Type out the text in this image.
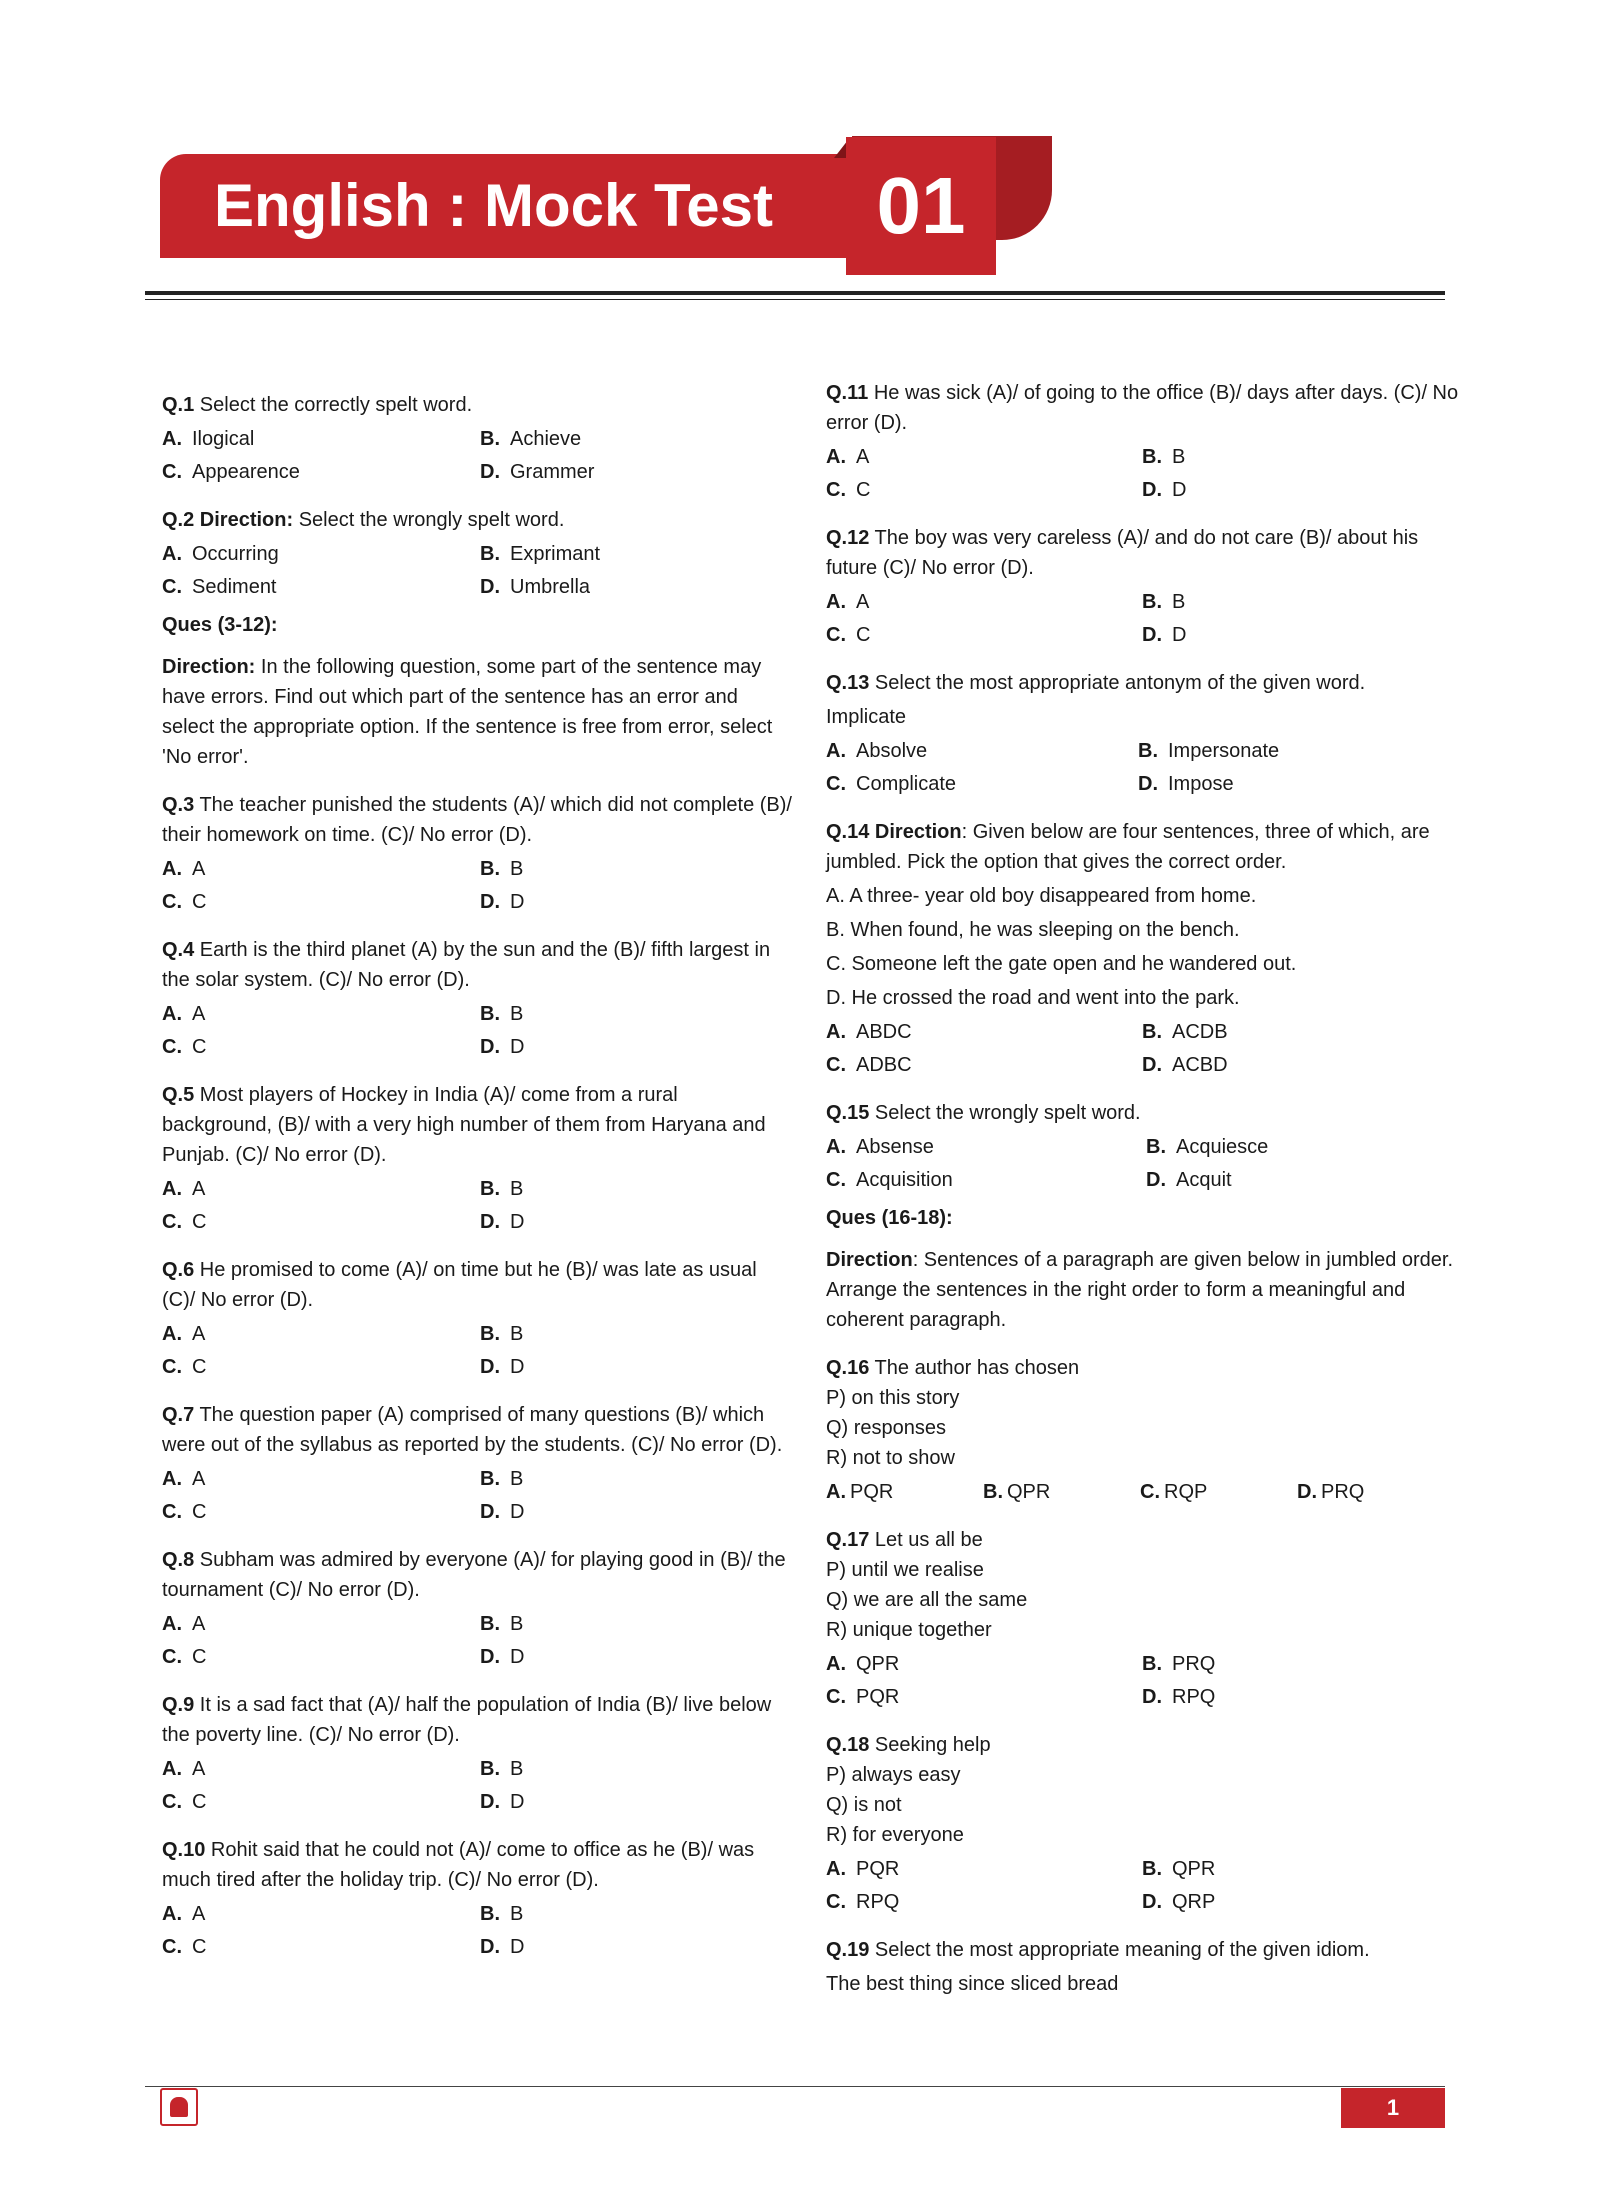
English : Mock Test	01

Q.1 Select the correctly spelt word.

A. Ilogical	B. Achieve
C. Appearence	D. Grammer

Q.2 Direction: Select the wrongly spelt word.

A. Occurring	B. Exprimant
C. Sediment	D. Umbrella

Ques (3-12):

Direction: In the following question, some part of the sentence may have errors. Find out which part of the sentence has an error and select the appropriate option. If the sentence is free from error, select 'No error'.

Q.3 The teacher punished the students (A)/ which did not complete (B)/ their homework on time. (C)/ No error (D).

A. A	B. B
C. C	D. D

Q.4 Earth is the third planet (A) by the sun and the (B)/ fifth largest in the solar system. (C)/ No error (D).

A. A	B. B
C. C	D. D

Q.5 Most players of Hockey in India (A)/ come from a rural background, (B)/ with a very high number of them from Haryana and Punjab. (C)/ No error (D).

A. A	B. B
C. C	D. D

Q.6 He promised to come (A)/ on time but he (B)/ was late as usual (C)/ No error (D).

A. A	B. B
C. C	D. D

Q.7 The question paper (A) comprised of many questions (B)/ which were out of the syllabus as reported by the students. (C)/ No error (D).

A. A	B. B
C. C	D. D

Q.8 Subham was admired by everyone (A)/ for playing good in (B)/ the tournament (C)/ No error (D).

A. A	B. B
C. C	D. D

Q.9 It is a sad fact that (A)/ half the population of India (B)/ live below the poverty line. (C)/ No error (D).

A. A	B. B
C. C	D. D

Q.10 Rohit said that he could not (A)/ come to office as he (B)/ was much tired after the holiday trip. (C)/ No error (D).

A. A	B. B
C. C	D. D

Q.11 He was sick (A)/ of going to the office (B)/ days after days. (C)/ No error (D).

A. A	B. B
C. C	D. D

Q.12 The boy was very careless (A)/ and do not care (B)/ about his future (C)/ No error (D).

A. A	B. B
C. C	D. D

Q.13 Select the most appropriate antonym of the given word.

Implicate

A. Absolve	B. Impersonate
C. Complicate	D. Impose

Q.14 Direction: Given below are four sentences, three of which, are jumbled. Pick the option that gives the correct order.

A. A three- year old boy disappeared from home.

B. When found, he was sleeping on the bench.

C. Someone left the gate open and he wandered out.

D. He crossed the road and went into the park.

A. ABDC	B. ACDB
C. ADBC	D. ACBD

Q.15 Select the wrongly spelt word.

A. Absense	B. Acquiesce
C. Acquisition	D. Acquit

Ques (16-18):

Direction: Sentences of a paragraph are given below in jumbled order. Arrange the sentences in the right order to form a meaningful and coherent paragraph.

Q.16 The author has chosen

P) on this story

Q) responses

R) not to show

A. PQR	B. QPR	C. RQP	D. PRQ

Q.17 Let us all be

P) until we realise

Q) we are all the same

R) unique together

A. QPR	B. PRQ
C. PQR	D. RPQ

Q.18 Seeking help

P) always easy

Q) is not

R) for everyone

A. PQR	B. QPR
C. RPQ	D. QRP

Q.19 Select the most appropriate meaning of the given idiom.

The best thing since sliced bread

1
